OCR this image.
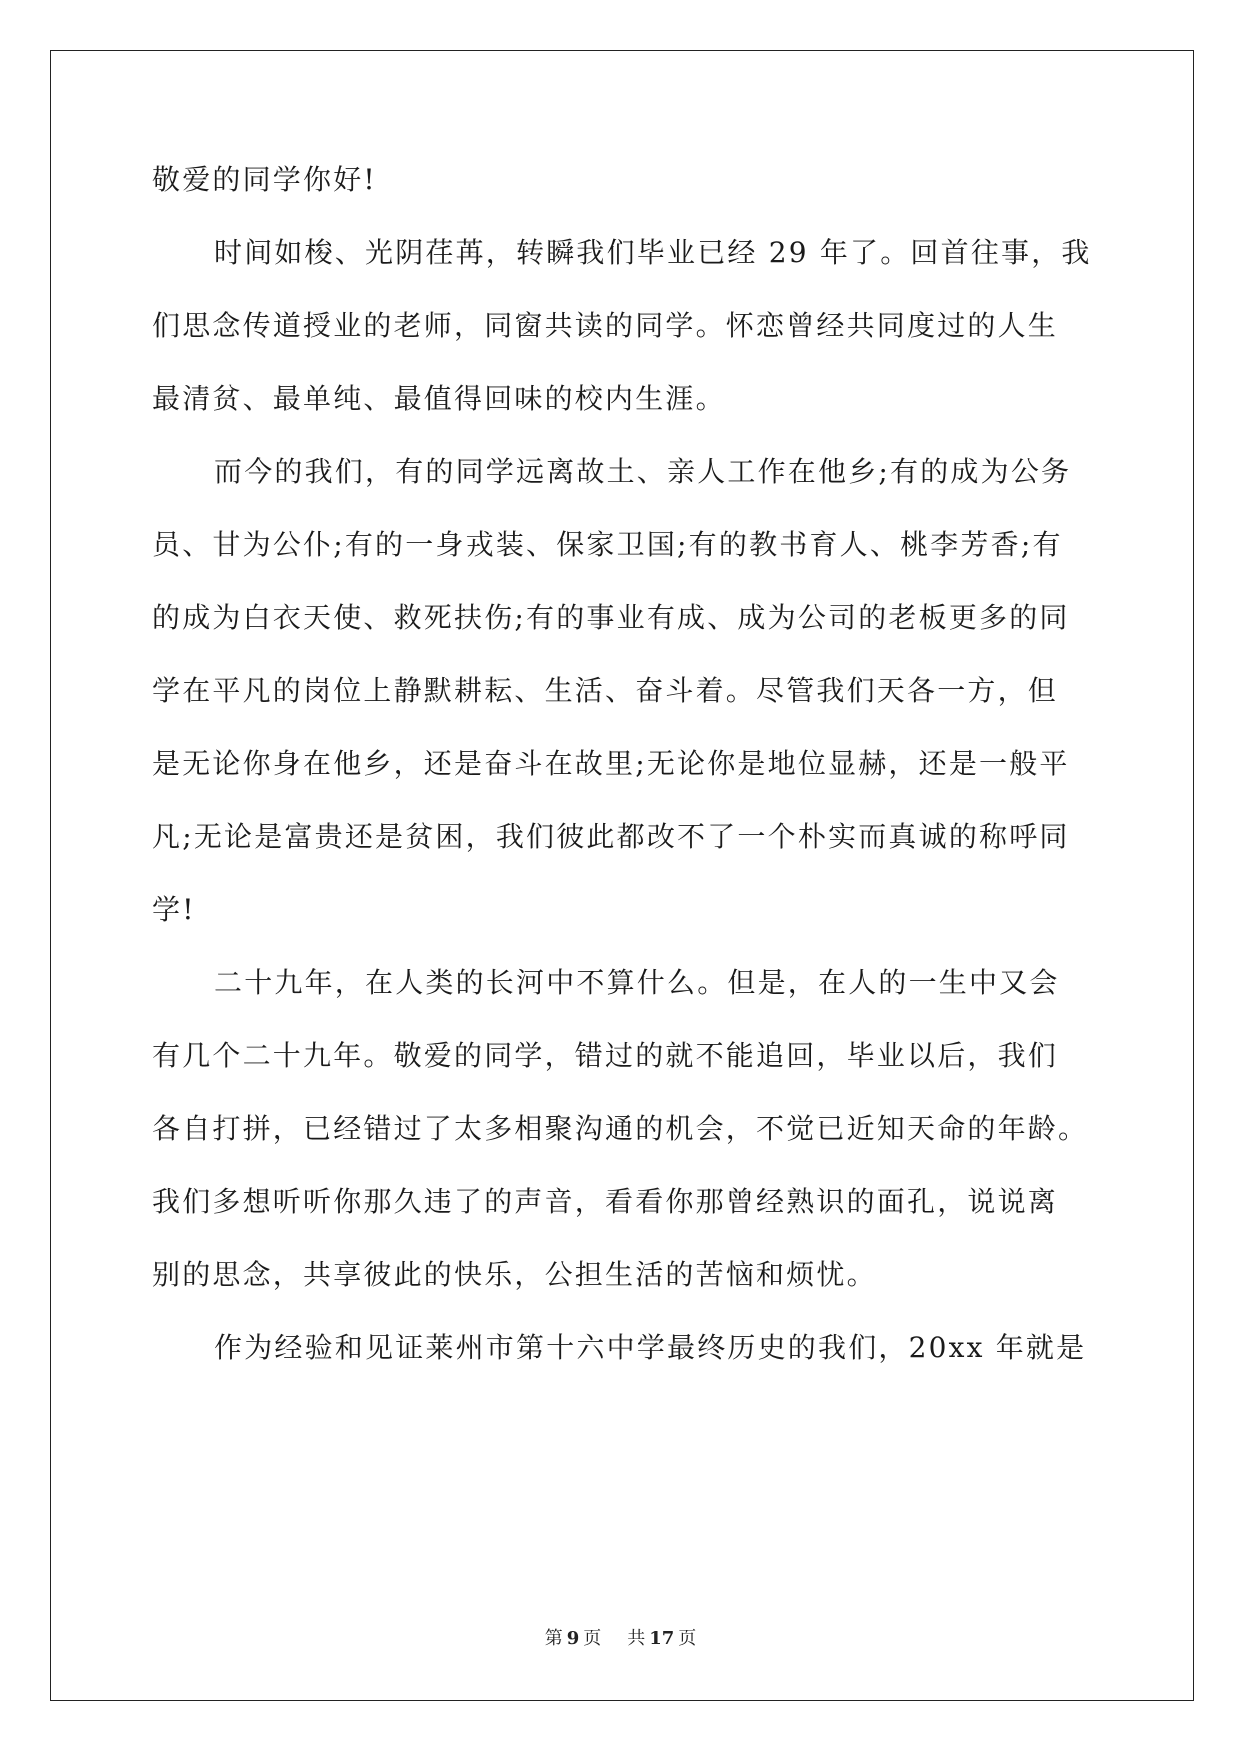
敬爱的同学你好!
时间如梭、光阴荏苒，转瞬我们毕业已经 29 年了。回首往事，我
们思念传道授业的老师，同窗共读的同学。怀恋曾经共同度过的人生
最清贫、最单纯、最值得回味的校内生涯。
而今的我们，有的同学远离故土、亲人工作在他乡;有的成为公务
员、甘为公仆;有的一身戎装、保家卫国;有的教书育人、桃李芳香;有
的成为白衣天使、救死扶伤;有的事业有成、成为公司的老板更多的同
学在平凡的岗位上静默耕耘、生活、奋斗着。尽管我们天各一方，但
是无论你身在他乡，还是奋斗在故里;无论你是地位显赫，还是一般平
凡;无论是富贵还是贫困，我们彼此都改不了一个朴实而真诚的称呼同
学!
二十九年，在人类的长河中不算什么。但是，在人的一生中又会
有几个二十九年。敬爱的同学，错过的就不能追回，毕业以后，我们
各自打拼，已经错过了太多相聚沟通的机会，不觉已近知天命的年龄。
我们多想听听你那久违了的声音，看看你那曾经熟识的面孔，说说离
别的思念，共享彼此的快乐，公担生活的苦恼和烦忧。
作为经验和见证莱州市第十六中学最终历史的我们，20xx 年就是
第 9 页 共 17 页
